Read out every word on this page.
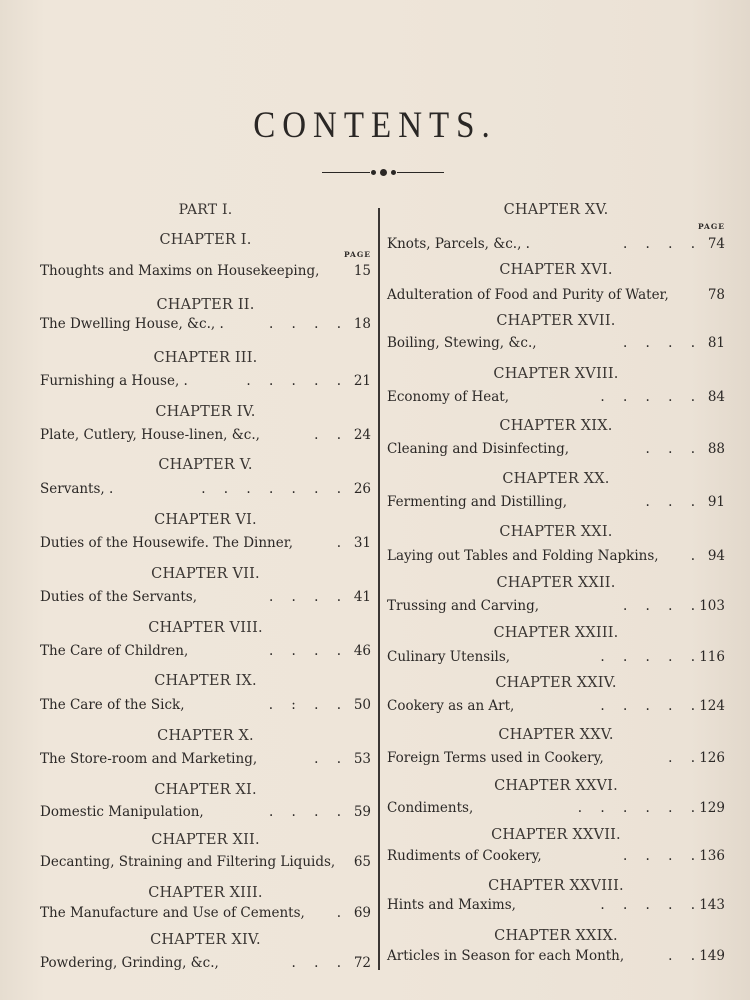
CONTENTS.
PART I.
PAGE
CHAPTER I.
Thoughts and Maxims on Housekeeping,	15
CHAPTER II.
The Dwelling House, &c., .	. . . . 18
CHAPTER III.
Furnishing a House, .	. . . . . 21
CHAPTER IV.
Plate, Cutlery, House-linen, &c.,	. . 24
CHAPTER V.
Servants, .	. . . . . . . 26
CHAPTER VI.
Duties of the Housewife. The Dinner,	. 31
CHAPTER VII.
Duties of the Servants,	. . . . 41
CHAPTER VIII.
The Care of Children,	. . . . 46
CHAPTER IX.
The Care of the Sick,	. : . . 50
CHAPTER X.
The Store-room and Marketing,	. . 53
CHAPTER XI.
Domestic Manipulation,	. . . . 59
CHAPTER XII.
Decanting, Straining and Filtering Liquids,	65
CHAPTER XIII.
The Manufacture and Use of Cements,	. 69
CHAPTER XIV.
Powdering, Grinding, &c.,	. . . 72
PAGE
CHAPTER XV.
Knots, Parcels, &c., .	. . . . 74
CHAPTER XVI.
Adulteration of Food and Purity of Water,	78
CHAPTER XVII.
Boiling, Stewing, &c.,	. . . . 81
CHAPTER XVIII.
Economy of Heat,	. . . . . 84
CHAPTER XIX.
Cleaning and Disinfecting,	. . . 88
CHAPTER XX.
Fermenting and Distilling,	. . . 91
CHAPTER XXI.
Laying out Tables and Folding Napkins,	. 94
CHAPTER XXII.
Trussing and Carving,	. . . . 103
CHAPTER XXIII.
Culinary Utensils,	. . . . . 116
CHAPTER XXIV.
Cookery as an Art,	. . . . . 124
CHAPTER XXV.
Foreign Terms used in Cookery,	. . 126
CHAPTER XXVI.
Condiments,	. . . . . . 129
CHAPTER XXVII.
Rudiments of Cookery,	. . . . 136
CHAPTER XXVIII.
Hints and Maxims,	. . . . . 143
CHAPTER XXIX.
Articles in Season for each Month,	. . 149
